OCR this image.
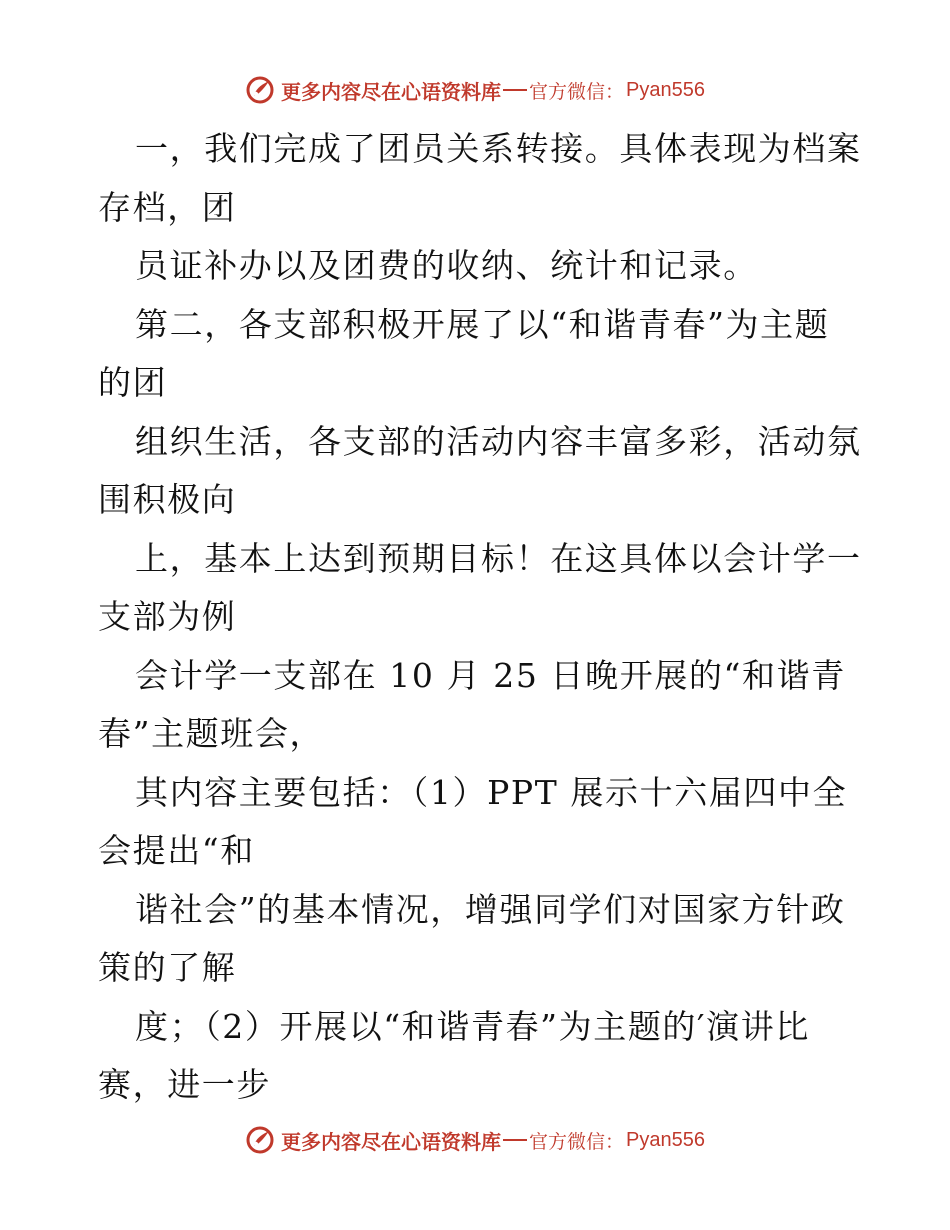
更多内容尽在心语资料库 官方微信： Pyan556
一，我们完成了团员关系转接。具体表现为档案
存档，团
员证补办以及团费的收纳、统计和记录。
第二，各支部积极开展了以“和谐青春”为主题
的团
组织生活，各支部的活动内容丰富多彩，活动氛
围积极向
上，基本上达到预期目标！在这具体以会计学一
支部为例
会计学一支部在 10 月 25 日晚开展的“和谐青
春”主题班会，
其内容主要包括：（1）PPT 展示十六届四中全
会提出“和
谐社会”的基本情况，增强同学们对国家方针政
策的了解
度；（2）开展以“和谐青春”为主题的′演讲比
赛，进一步
更多内容尽在心语资料库 官方微信： Pyan556
